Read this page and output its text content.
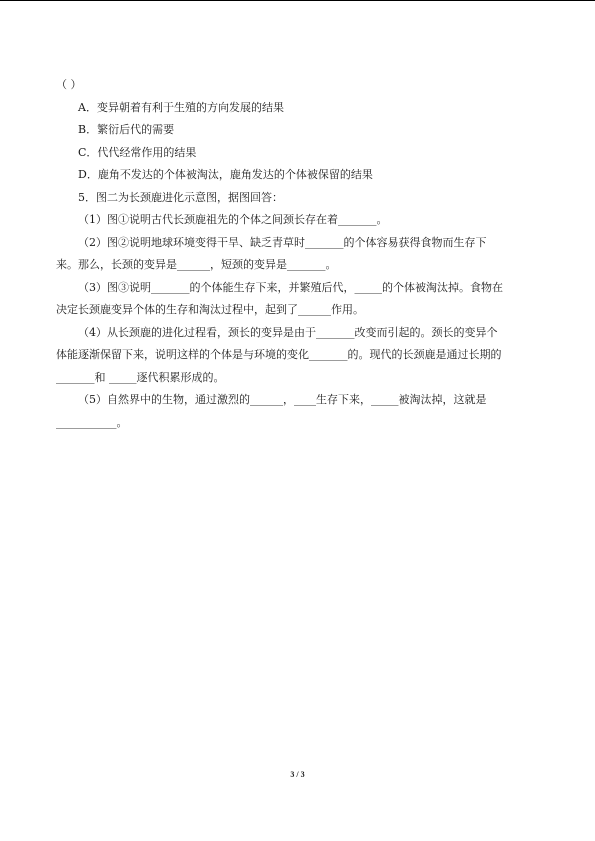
（ ）
A．变异朝着有利于生殖的方向发展的结果
B．繁衍后代的需要
C．代代经常作用的结果
D．鹿角不发达的个体被淘汰，鹿角发达的个体被保留的结果
5．图二为长颈鹿进化示意图，据图回答：
（1）图①说明古代长颈鹿祖先的个体之间颈长存在着_______。
（2）图②说明地球环境变得干旱、缺乏青草时_______的个体容易获得食物而生存下
来。那么，长颈的变异是______，短颈的变异是_______。
（3）图③说明_______的个体能生存下来，并繁殖后代，_____的个体被淘汰掉。食物在
决定长颈鹿变异个体的生存和淘汰过程中，起到了______作用。
（4）从长颈鹿的进化过程看，颈长的变异是由于_______改变而引起的。颈长的变异个
体能逐渐保留下来，说明这样的个体是与环境的变化_______的。现代的长颈鹿是通过长期的
_______和 _____逐代积累形成的。
（5）自然界中的生物，通过激烈的______，____生存下来，_____被淘汰掉，这就是
___________。
3 / 3
